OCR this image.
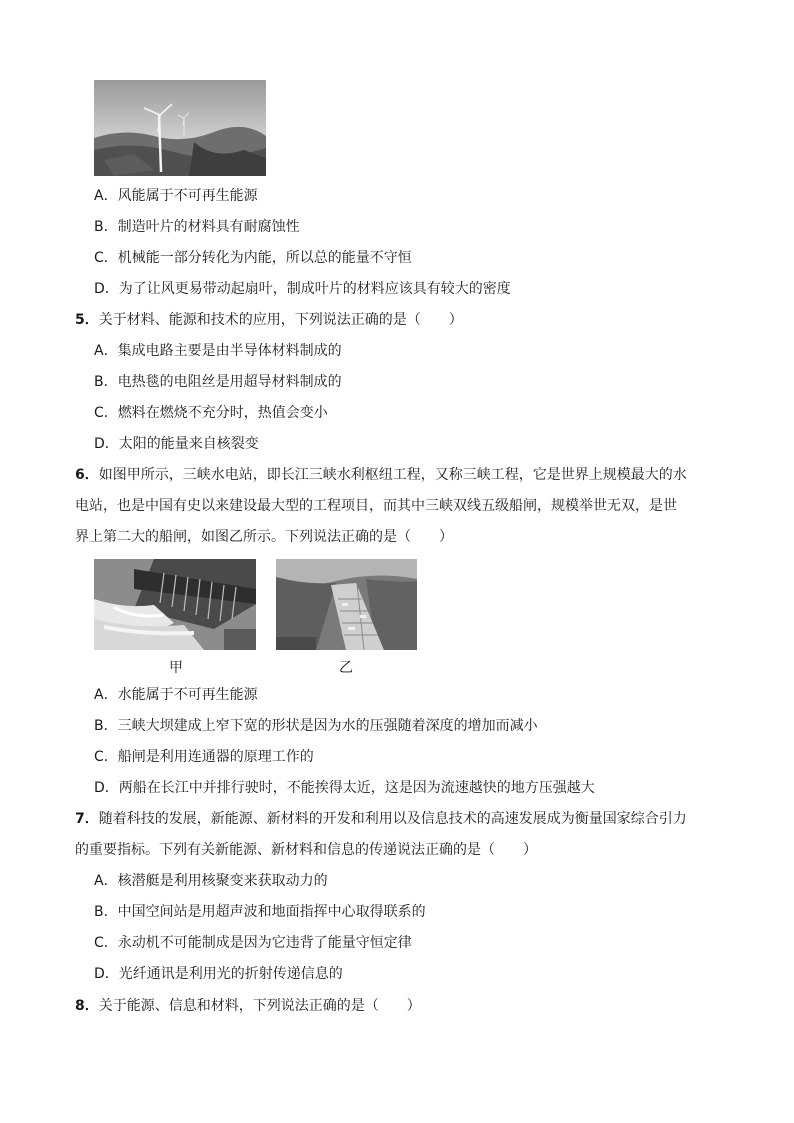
A．风能属于不可再生能源
B．制造叶片的材料具有耐腐蚀性
C．机械能一部分转化为内能，所以总的能量不守恒
D．为了让风更易带动起扇叶，制成叶片的材料应该具有较大的密度
5．关于材料、能源和技术的应用，下列说法正确的是（　　）
A．集成电路主要是由半导体材料制成的
B．电热毯的电阻丝是用超导材料制成的
C．燃料在燃烧不充分时，热值会变小
D．太阳的能量来自核裂变
6．如图甲所示，三峡水电站，即长江三峡水利枢纽工程，又称三峡工程，它是世界上规模最大的水
电站，也是中国有史以来建设最大型的工程项目，而其中三峡双线五级船闸，规模举世无双，是世
界上第二大的船闸，如图乙所示。下列说法正确的是（　　）
甲	乙
A．水能属于不可再生能源
B．三峡大坝建成上窄下宽的形状是因为水的压强随着深度的增加而减小
C．船闸是利用连通器的原理工作的
D．两船在长江中并排行驶时，不能挨得太近，这是因为流速越快的地方压强越大
7．随着科技的发展，新能源、新材料的开发和利用以及信息技术的高速发展成为衡量国家综合引力
的重要指标。下列有关新能源、新材料和信息的传递说法正确的是（　　）
A．核潜艇是利用核聚变来获取动力的
B．中国空间站是用超声波和地面指挥中心取得联系的
C．永动机不可能制成是因为它违背了能量守恒定律
D．光纤通讯是利用光的折射传递信息的
8．关于能源、信息和材料，下列说法正确的是（　　）
